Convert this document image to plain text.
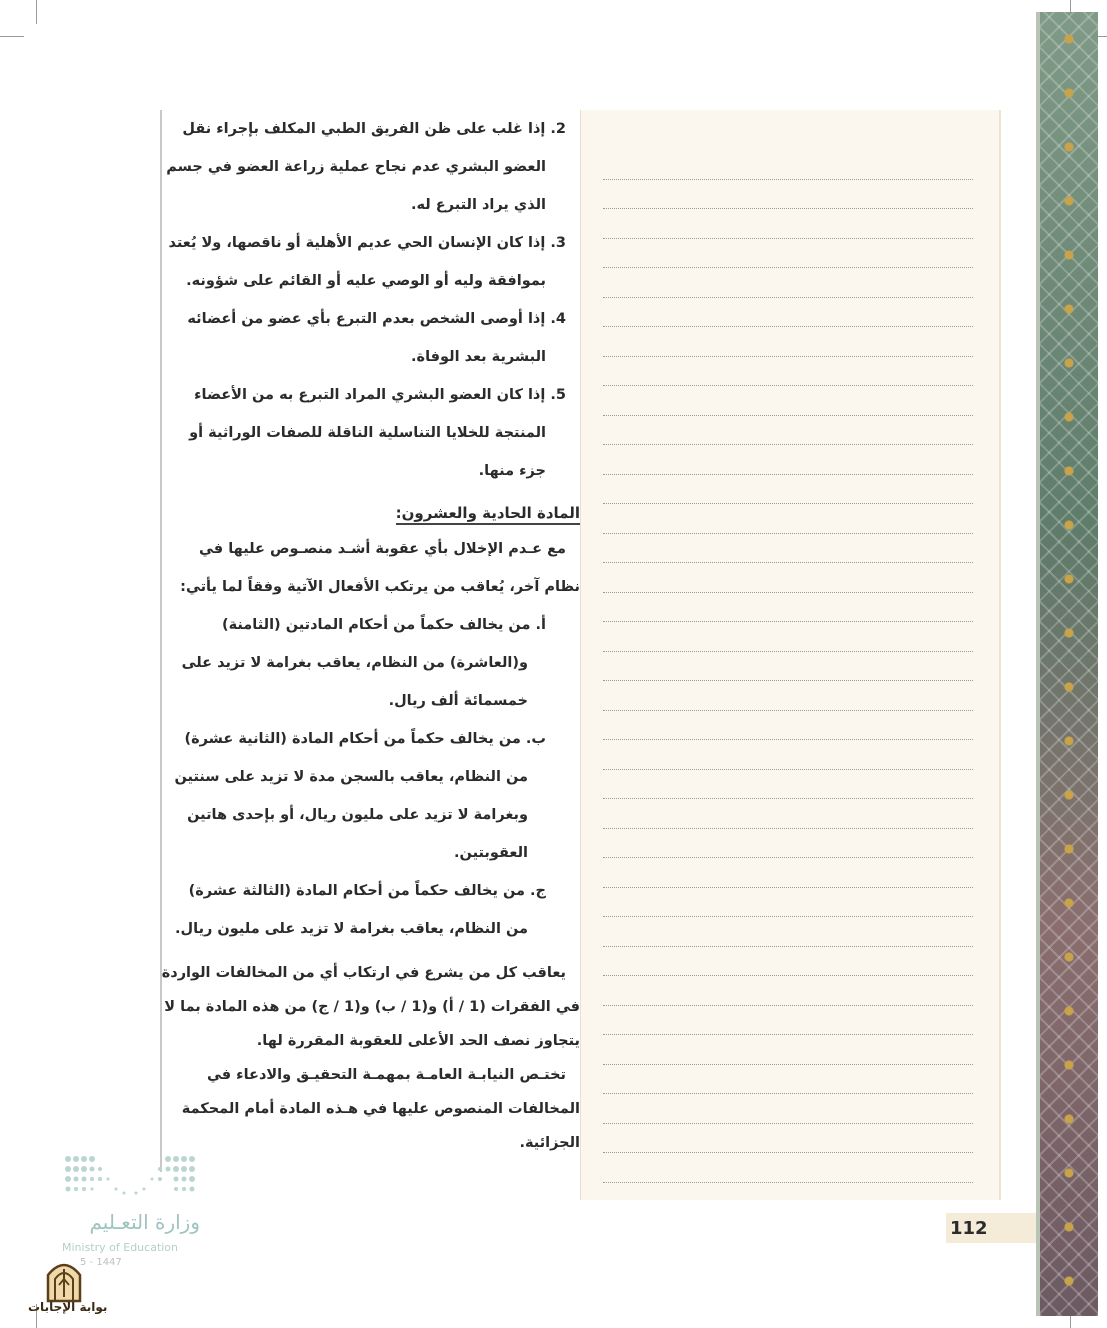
2. إذا غلب على ظن الفريق الطبي المكلف بإجراء نقل
العضو البشري عدم نجاح عملية زراعة العضو في جسم
الذي يراد التبرع له.
3. إذا كان الإنسان الحي عديم الأهلية أو ناقصها، ولا يُعتد
بموافقة وليه أو الوصي عليه أو القائم على شؤونه.
4. إذا أوصى الشخص بعدم التبرع بأي عضو من أعضائه
البشرية بعد الوفاة.
5. إذا كان العضو البشري المراد التبرع به من الأعضاء
المنتجة للخلايا التناسلية الناقلة للصفات الوراثية أو
جزء منها.
المادة الحادية والعشرون:
مع عـدم الإخلال بأي عقوبة أشـد منصـوص عليها في
نظام آخر، يُعاقب من يرتكب الأفعال الآتية وفقاً لما يأتي:
أ. من يخالف حكماً من أحكام المادتين (الثامنة)
و(العاشرة) من النظام، يعاقب بغرامة لا تزيد على
خمسمائة ألف ريال.
ب. من يخالف حكماً من أحكام المادة (الثانية عشرة)
من النظام، يعاقب بالسجن مدة لا تزيد على سنتين
وبغرامة لا تزيد على مليون ريال، أو بإحدى هاتين
العقوبتين.
ج. من يخالف حكماً من أحكام المادة (الثالثة عشرة)
من النظام، يعاقب بغرامة لا تزيد على مليون ريال.
يعاقب كل من يشرع في ارتكاب أي من المخالفات الواردة
في الفقرات (1 / أ) و(1 / ب) و(1 / ج) من هذه المادة بما لا
يتجاوز نصف الحد الأعلى للعقوبة المقررة لها.
تختـص النيابـة العامـة بمهمـة التحقيـق والادعاء في
المخالفات المنصوص عليها في هـذه المادة أمام المحكمة
الجزائية.
112
وزارة التعـليم
Ministry of Education
5 - 1447
بوابة الإجابات
